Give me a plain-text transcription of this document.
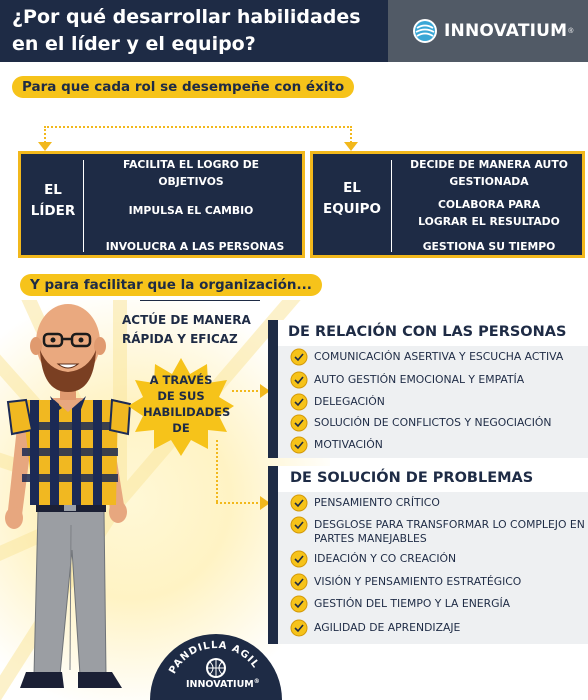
¿Por qué desarrollar habilidades en el líder y el equipo?
INNOVATIUM ®
Para que cada rol se desempeñe con éxito
EL
LÍDER
FACILITA EL LOGRO DE
OBJETIVOS
IMPULSA EL CAMBIO
INVOLUCRA A LAS PERSONAS
EL
EQUIPO
DECIDE DE MANERA AUTO
GESTIONADA
COLABORA PARA
LOGRAR EL RESULTADO
GESTIONA SU TIEMPO
Y para facilitar que la organización...
ACTÚE DE MANERA
RÁPIDA Y EFICAZ
A TRAVÉS
DE SUS
HABILIDADES
DE
DE RELACIÓN CON LAS PERSONAS
COMUNICACIÓN ASERTIVA Y ESCUCHA ACTIVA
AUTO GESTIÓN EMOCIONAL Y EMPATÍA
DELEGACIÓN
SOLUCIÓN DE CONFLICTOS Y NEGOCIACIÓN
MOTIVACIÓN
DE SOLUCIÓN DE PROBLEMAS
PENSAMIENTO CRÍTICO
DESGLOSE PARA TRANSFORMAR LO COMPLEJO EN
PARTES MANEJABLES
IDEACIÓN Y CO CREACIÓN
VISIÓN Y PENSAMIENTO ESTRATÉGICO
GESTIÓN DEL TIEMPO Y LA ENERGÍA
AGILIDAD DE APRENDIZAJE
PANDILLA AGIL
INNOVATIUM®
